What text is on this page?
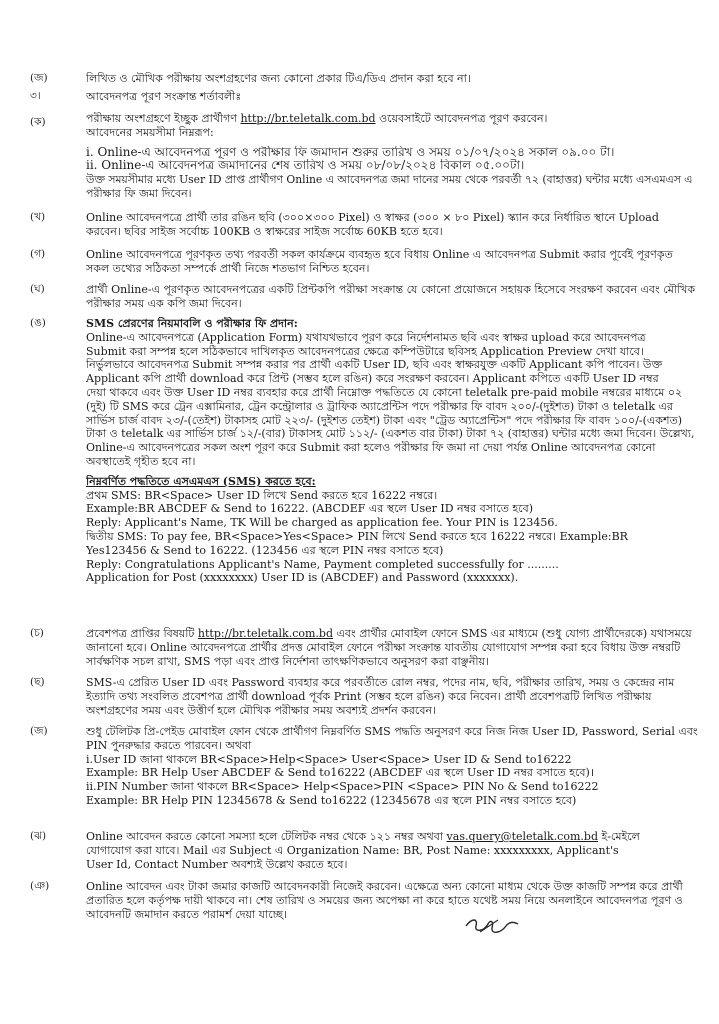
(জ)	লিখিত ও মৌখিক পরীক্ষায় অংশগ্রহণের জন্য কোনো প্রকার টিএ/ডিএ প্রদান করা হবে না।
৩।	আবেদনপত্র পূরণ সংক্রান্ত শর্তাবলীঃ
(ক)	পরীক্ষায় অংশগ্রহণে ইচ্ছুক প্রার্থীগণ http://br.teletalk.com.bd ওয়েবসাইটে আবেদনপত্র পূরণ করবেন।
আবেদনের সময়সীমা নিম্নরূপ:
i. Online-এ আবেদনপত্র পূরণ ও পরীক্ষার ফি জমাদান শুরুর তারিখ ও সময় ০১/০৭/২০২৪ সকাল ০৯.০০ টা।
ii. Online-এ আবেদনপত্র জমাদানের শেষ তারিখ ও সময় ০৮/০৮/২০২৪ বিকাল ০৫.০০টা।
উক্ত সময়সীমার মধ্যে User ID প্রাপ্ত প্রার্থীগণ Online এ আবেদনপত্র জমা দানের সময় থেকে পরবর্তী ৭২ (বাহাত্তর) ঘন্টার মধ্যে এসএমএস এ
পরীক্ষার ফি জমা দিবেন।
(খ)	Online আবেদনপত্রে প্রার্থী তার রঙিন ছবি (৩০০×৩০০ Pixel) ও স্বাক্ষর (৩০০ × ৮০ Pixel) স্ক্যান করে নির্ধারিত স্থানে Upload
করবেন। ছবির সাইজ সর্বোচ্চ 100KB ও স্বাক্ষরের সাইজ সর্বোচ্চ 60KB হতে হবে।
(গ)	Online আবেদনপত্রে পূরণকৃত তথ্য পরবর্তী সকল কার্যক্রমে ব্যবহৃত হবে বিধায় Online এ আবেদনপত্র Submit করার পূর্বেই পূরণকৃত
সকল তথ্যের সঠিকতা সম্পর্কে প্রার্থী নিজে শতভাগ নিশ্চিত হবেন।
(ঘ)	প্রার্থী Online-এ পূরণকৃত আবেদনপত্রের একটি প্রিন্টকপি পরীক্ষা সংক্রান্ত যে কোনো প্রয়োজনে সহায়ক হিসেবে সংরক্ষণ করবেন এবং মৌখিক
পরীক্ষার সময় এক কপি জমা দিবেন।
(ঙ)	SMS প্রেরণের নিয়মাবলি ও পরীক্ষার ফি প্রদান:
Online-এ আবেদনপত্রে (Application Form) যথাযথভাবে পূরণ করে নির্দেশনামত ছবি এবং স্বাক্ষর upload করে আবেদনপত্র
Submit করা সম্পন্ন হলে সঠিকভাবে দাখিলকৃত আবেদনপত্রের ক্ষেত্রে কম্পিউটারে ছবিসহ Application Preview দেখা যাবে।
নির্ভুলভাবে আবেদনপত্র Submit সম্পন্ন করার পর প্রার্থী একটি User ID, ছবি এবং স্বাক্ষরযুক্ত একটি Applicant কপি পাবেন। উক্ত
Applicant কপি প্রার্থী download করে প্রিন্ট (সম্ভব হলে রঙিন) করে সংরক্ষণ করবেন। Applicant কপিতে একটি User ID নম্বর
দেয়া থাকবে এবং উক্ত User ID নম্বর ব্যবহার করে প্রার্থী নিম্নোক্ত পদ্ধতিতে যে কোনো teletalk pre-paid mobile নম্বরের মাধ্যমে ০২
(দুই) টি SMS করে ট্রেন এক্সামিনার, ট্রেন কন্ট্রোলার ও ট্রাফিক অ্যাপ্রেন্টিস পদে পরীক্ষার ফি বাবদ ২০০/-(দুইশত) টাকা ও teletalk এর
সার্ভিস চার্জ বাবদ ২৩/-(তেইশ) টাকাসহ মোট ২২৩/- (দুইশত তেইশ) টাকা এবং "ট্রেড অ্যাপ্রেন্টিস" পদে পরীক্ষার ফি বাবদ ১০০/-(একশত)
টাকা ও teletalk এর সার্ভিস চার্জ ১২/-(বার) টাকাসহ মোট ১১২/- (একশত বার টাকা) টাকা ৭২ (বাহাত্তর) ঘন্টার মধ্যে জমা দিবেন। উল্লেখ্য,
Online-এ আবেদনপত্রের সকল অংশ পূরণ করে Submit করা হলেও পরীক্ষার ফি জমা না দেয়া পর্যন্ত Online আবেদনপত্র কোনো
অবস্থাতেই গৃহীত হবে না।
নিম্নবর্ণিত পদ্ধতিতে এসএমএস (SMS) করতে হবে:
প্রথম SMS: BR<Space> User ID লিখে Send করতে হবে 16222 নম্বরে।
Example:BR ABCDEF & Send to 16222. (ABCDEF এর স্থলে User ID নম্বর বসাতে হবে)
Reply: Applicant's Name, TK Will be charged as application fee. Your PIN is 123456.
দ্বিতীয় SMS: To pay fee, BR<Space>Yes<Space> PIN লিখে Send করতে হবে 16222 নম্বরে। Example:BR
Yes123456 & Send to 16222. (123456 এর স্থলে PIN নম্বর বসাতে হবে)
Reply: Congratulations Applicant's Name, Payment completed successfully for .........
Application for Post (xxxxxxxx) User ID is (ABCDEF) and Password (xxxxxxx).
(চ)	প্রবেশপত্র প্রাপ্তির বিষয়টি http://br.teletalk.com.bd এবং প্রার্থীর মোবাইল ফোনে SMS এর মাধ্যমে (শুধু যোগ্য প্রার্থীদেরকে) যথাসময়ে
জানানো হবে। Online আবেদনপত্রে প্রার্থীর প্রদত্ত মোবাইল ফোনে পরীক্ষা সংক্রান্ত যাবতীয় যোগাযোগ সম্পন্ন করা হবে বিধায় উক্ত নম্বরটি
সার্বক্ষণিক সচল রাখা, SMS পড়া এবং প্রাপ্ত নির্দেশনা তাৎক্ষণিকভাবে অনুসরণ করা বাঞ্ছনীয়।
(ছ)	SMS-এ প্রেরিত User ID এবং Password ব্যবহার করে পরবর্তীতে রোল নম্বর, পদের নাম, ছবি, পরীক্ষার তারিখ, সময় ও কেন্দ্রের নাম
ইত্যাদি তথ্য সংবলিত প্রবেশপত্র প্রার্থী download পূর্বক Print (সম্ভব হলে রঙিন) করে নিবেন। প্রার্থী প্রবেশপত্রটি লিখিত পরীক্ষায়
অংশগ্রহণের সময় এবং উত্তীর্ণ হলে মৌখিক পরীক্ষার সময় অবশ্যই প্রদর্শন করবেন।
(জ)	শুধু টেলিটক প্রি-পেইড মোবাইল ফোন থেকে প্রার্থীগণ নিম্নবর্ণিত SMS পদ্ধতি অনুসরণ করে নিজ নিজ User ID, Password, Serial এবং
PIN পুনরুদ্ধার করতে পারবেন। অথবা
i.User ID জানা থাকলে BR<Space>Help<Space> User<Space> User ID & Send to16222
Example: BR Help User ABCDEF & Send to16222 (ABCDEF এর স্থলে User ID নম্বর বসাতে হবে)।
ii.PIN Number জানা থাকলে BR<Space> Help<Space>PIN <Space> PIN No & Send to16222
Example: BR Help PIN 12345678 & Send to16222 (12345678 এর স্থলে PIN নম্বর বসাতে হবে)
(ঝ)	Online আবেদন করতে কোনো সমস্যা হলে টেলিটক নম্বর থেকে ১২১ নম্বর অথবা vas.query@teletalk.com.bd ই-মেইলে
যোগাযোগ করা যাবে। Mail এর Subject এ Organization Name: BR, Post Name: xxxxxxxxx, Applicant's
User Id, Contact Number অবশ্যই উল্লেখ করতে হবে।
(ঞ)	Online আবেদন এবং টাকা জমার কাজটি আবেদনকারী নিজেই করবেন। এক্ষেত্রে অন্য কোনো মাধ্যম থেকে উক্ত কাজটি সম্পন্ন করে প্রার্থী
প্রতারিত হলে কর্তৃপক্ষ দায়ী থাকবে না। শেষ তারিখ ও সময়ের জন্য অপেক্ষা না করে হাতে যথেষ্ট সময় নিয়ে অনলাইনে আবেদনপত্র পূরণ ও
আবেদনটি জমাদান করতে পরামর্শ দেয়া যাচ্ছে।
